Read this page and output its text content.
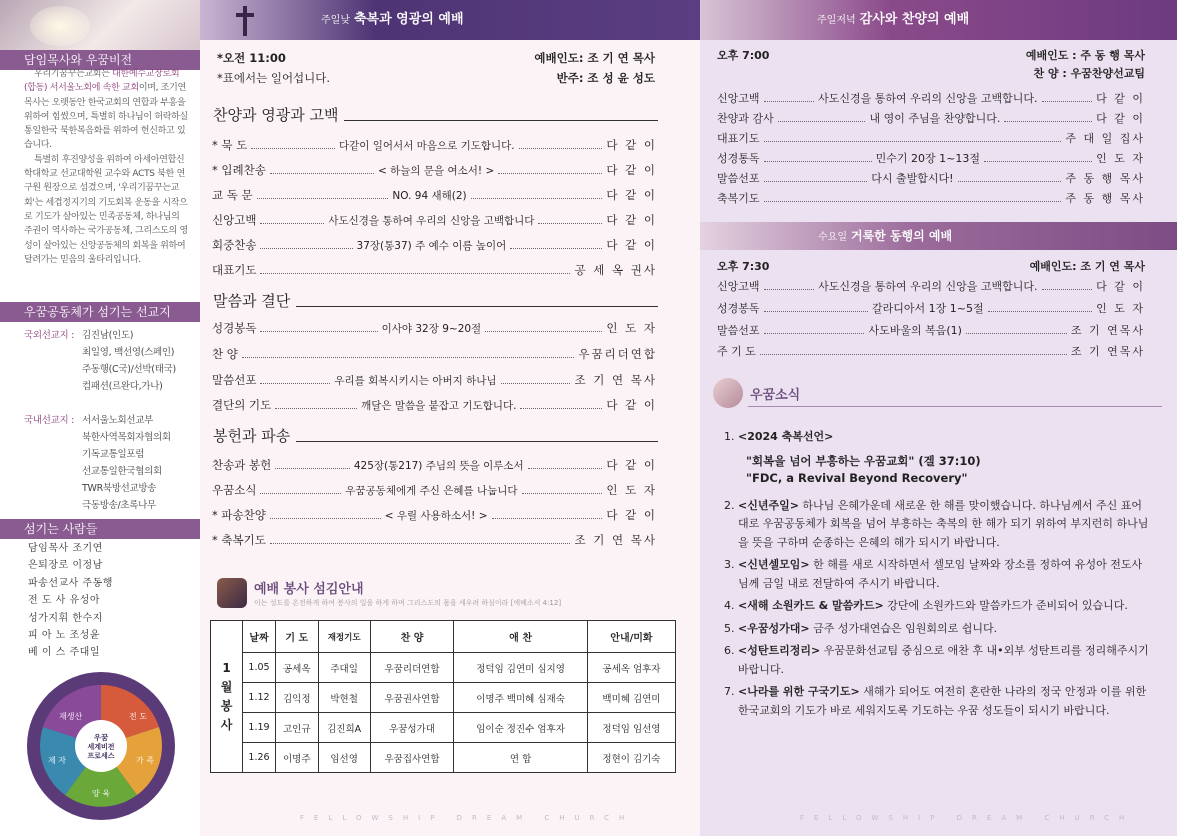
담임목사와 우꿈비전

우리기꿈꾸는교회는 대한예수교장로회(합동) 서서울노회에 속한 교회이며, 조기연 목사는 오랫동안 한국교회의 연합과 부흥을 위하여 힘썼으며, 특별히 하나님이 허락하실 통일한국 북한복음화를 위하여 헌신하고 있습니다.

특별히 후진양성을 위하여 아세아연합신학대학교 선교대학원 교수와 ACTS 북한 연구원 원장으로 섬겼으며, '우리기꿈꾸는교회'는 세겹정지기의 기도회복 운동을 시작으로 기도가 살아있는 민족공동체, 하나님의 주권이 역사하는 국가공동체, 그리스도의 영성이 살아있는 신앙공동체의 회복을 위하여 달려가는 믿음의 울타리입니다.

우꿈공동체가 섬기는 선교지
국외선교지 : 김진남(인도)
최일영, 백선영(스페인)
주동행(C국)/선박(태국)
컴패션(르완다,가나)
국내선교지 : 서서울노회선교부
북한사역목회자협의회
기독교통일포럼
선교통일한국협의회
TWR북방선교방송
극동방송/초록나무
섬기는 사람들
담임목사 조기연
은퇴장로 이정남
파송선교사 주동행
전 도 사 유성아
성가지휘 한수지
피 아 노 조성윤
베 이 스 주대일
우꿈
세계비전
프로세스
전 도
가 족
양 육
제 자
재생산
주일낮 축복과 영광의 예배
*오전 11:00	예배인도: 조 기 연 목사
*표에서는 일어섭니다.	반주: 조 성 윤 성도
찬양과 영광과 고백
말씀과 결단
봉헌과 파송
* 묵 도	다같이 일어서서 마음으로 기도합니다.	다 같 이
* 입례찬송	< 하늘의 문을 여소서! >	다 같 이
교 독 문	NO. 94 새해(2)	다 같 이
신앙고백	사도신경을 통하여 우리의 신앙을 고백합니다	다 같 이
회중찬송	37장(통37) 주 예수 이름 높이어	다 같 이
대표기도	공 세 옥 권사
성경봉독	이사야 32장 9~20절	인 도 자
찬 양	우꿈리더연합
말씀선포	우리를 회복시키시는 아버지 하나님	조 기 연 목사
결단의 기도	깨달은 말씀을 붙잡고 기도합니다.	다 같 이
찬송과 봉헌	425장(통217) 주님의 뜻을 이루소서	다 같 이
우꿈소식	우꿈공동체에게 주신 은혜를 나눕니다	인 도 자
* 파송찬양	< 우릴 사용하소서! >	다 같 이
* 축복기도	조 기 연 목사
예배 봉사 섬김안내
이는 성도를 온전하게 하여 봉사의 일을 하게 하며 그리스도의 몸을 세우려 하심이라 [에베소서 4:12]
1
월
봉
사	날짜	기 도	재정기도	찬 양	애 찬	안내/미화
	1.05	공세옥	주대일	우꿈리더연합	정덕임 김연미 심지영	공세옥 엄후자
	1.12	김익정	박현철	우꿈권사연합	이명주 백미혜 심재숙	백미혜 김연미
	1.19	고인규	김진희A	우꿈성가대	임이순 정진수 엄후자	정덕임 임선영
	1.26	이명주	임선영	우꿈집사연합	연 합	정현이 김기숙
FELLOWSHIP DREAM CHURCH
주일저녁 감사와 찬양의 예배
오후 7:00	예배인도 : 주 동 행 목사
찬 양 : 우꿈찬양선교팀
신앙고백	사도신경을 통하여 우리의 신앙을 고백합니다.	다 같 이
찬양과 감사	내 영이 주님을 찬양합니다.	다 같 이
대표기도	주 대 일 집사
성경통독	민수기 20장 1~13절	인 도 자
말씀선포	다시 출발합시다!	주 동 행 목사
축복기도	주 동 행 목사
수요일 거룩한 동행의 예배
오후 7:30	예배인도: 조 기 연 목사
신앙고백	사도신경을 통하여 우리의 신앙을 고백합니다.	다 같 이
성경봉독	갈라디아서 1장 1~5절	인 도 자
말씀선포	사도바울의 복음(1)	조 기 연목사
주 기 도	조 기 연목사
우꿈소식
1. <2024 축복선언>
"회복을 넘어 부흥하는 우꿈교회" (겔 37:10)
"FDC, a Revival Beyond Recovery"
2. <신년주일> 하나님 은혜가운데 새로운 한 해를 맞이했습니다. 하나님께서 주신 표어대로 우꿈공동체가 회복을 넘어 부흥하는 축복의 한 해가 되기 위하여 부지런히 하나님을 뜻을 구하며 순종하는 은혜의 해가 되시기 바랍니다.
3. <신년셀모임> 한 해를 새로 시작하면서 셀모임 날짜와 장소를 정하여 유성아 전도사님께 금일 내로 전달하여 주시기 바랍니다.
4. <새해 소원카드 & 말씀카드> 강단에 소원카드와 말씀카드가 준비되어 있습니다.
5. <우꿈성가대> 금주 성가대연습은 임원회의로 쉽니다.
6. <성탄트리정리> 우꿈문화선교팀 중심으로 애찬 후 내•외부 성탄트리를 정리해주시기 바랍니다.
7. <나라를 위한 구국기도> 새해가 되어도 여전히 혼란한 나라의 정국 안정과 이를 위한 한국교회의 기도가 바로 세워지도록 기도하는 우꿈 성도들이 되시기 바랍니다.
FELLOWSHIP DREAM CHURCH
